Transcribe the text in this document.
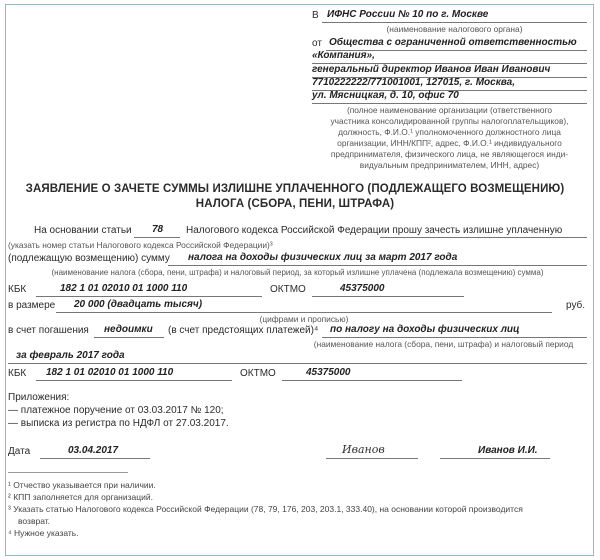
В ИФНС России № 10 по г. Москве
(наименование налогового органа)
от Общества с ограниченной ответственностью
«Компания»,
генеральный директор Иванов Иван Иванович
7710222222/771001001, 127015, г. Москва,
ул. Мясницкая, д. 10, офис 70
(полное наименование организации (ответственного
участника консолидированной группы налогоплательщиков),
должность, Ф.И.О.¹ уполномоченного должностного лица
организации, ИНН/КПП², адрес, Ф.И.О.¹ индивидуального
предпринимателя, физического лица, не являющегося инди-
видуальным предпринимателем, ИНН, адрес)
ЗАЯВЛЕНИЕ О ЗАЧЕТЕ СУММЫ ИЗЛИШНЕ УПЛАЧЕННОГО (ПОДЛЕЖАЩЕГО ВОЗМЕЩЕНИЮ)
НАЛОГА (СБОРА, ПЕНИ, ШТРАФА)
На основании статьи 78 Налогового кодекса Российской Федерации прошу зачесть излишне уплаченную
(указать номер статьи Налогового кодекса Российской Федерации)³
(подлежащую возмещению) сумму налога на доходы физических лиц за март 2017 года
(наименование налога (сбора, пени, штрафа) и налоговый период, за который излишне уплачена (подлежала возмещению) сумма)
КБК	182 1 01 02010 01 1000 110	ОКТМО	45375000
в размере 20 000 (двадцать тысяч)	руб.
(цифрами и прописью)
в счет погашения недоимки (в счет предстоящих платежей)⁴ по налогу на доходы физических лиц
(наименование налога (сбора, пени, штрафа) и налоговый период
за февраль 2017 года
КБК 182 1 01 02010 01 1000 110	ОКТМО	45375000
Приложения:
— платежное поручение от 03.03.2017 № 120;
— выписка из регистра по НДФЛ от 27.03.2017.
Дата	03.04.2017	Иванов	Иванов И.И.
¹ Отчество указывается при наличии.
² КПП заполняется для организаций.
³ Указать статью Налогового кодекса Российской Федерации (78, 79, 176, 203, 203.1, 333.40), на основании которой производится
возврат.
⁴ Нужное указать.
